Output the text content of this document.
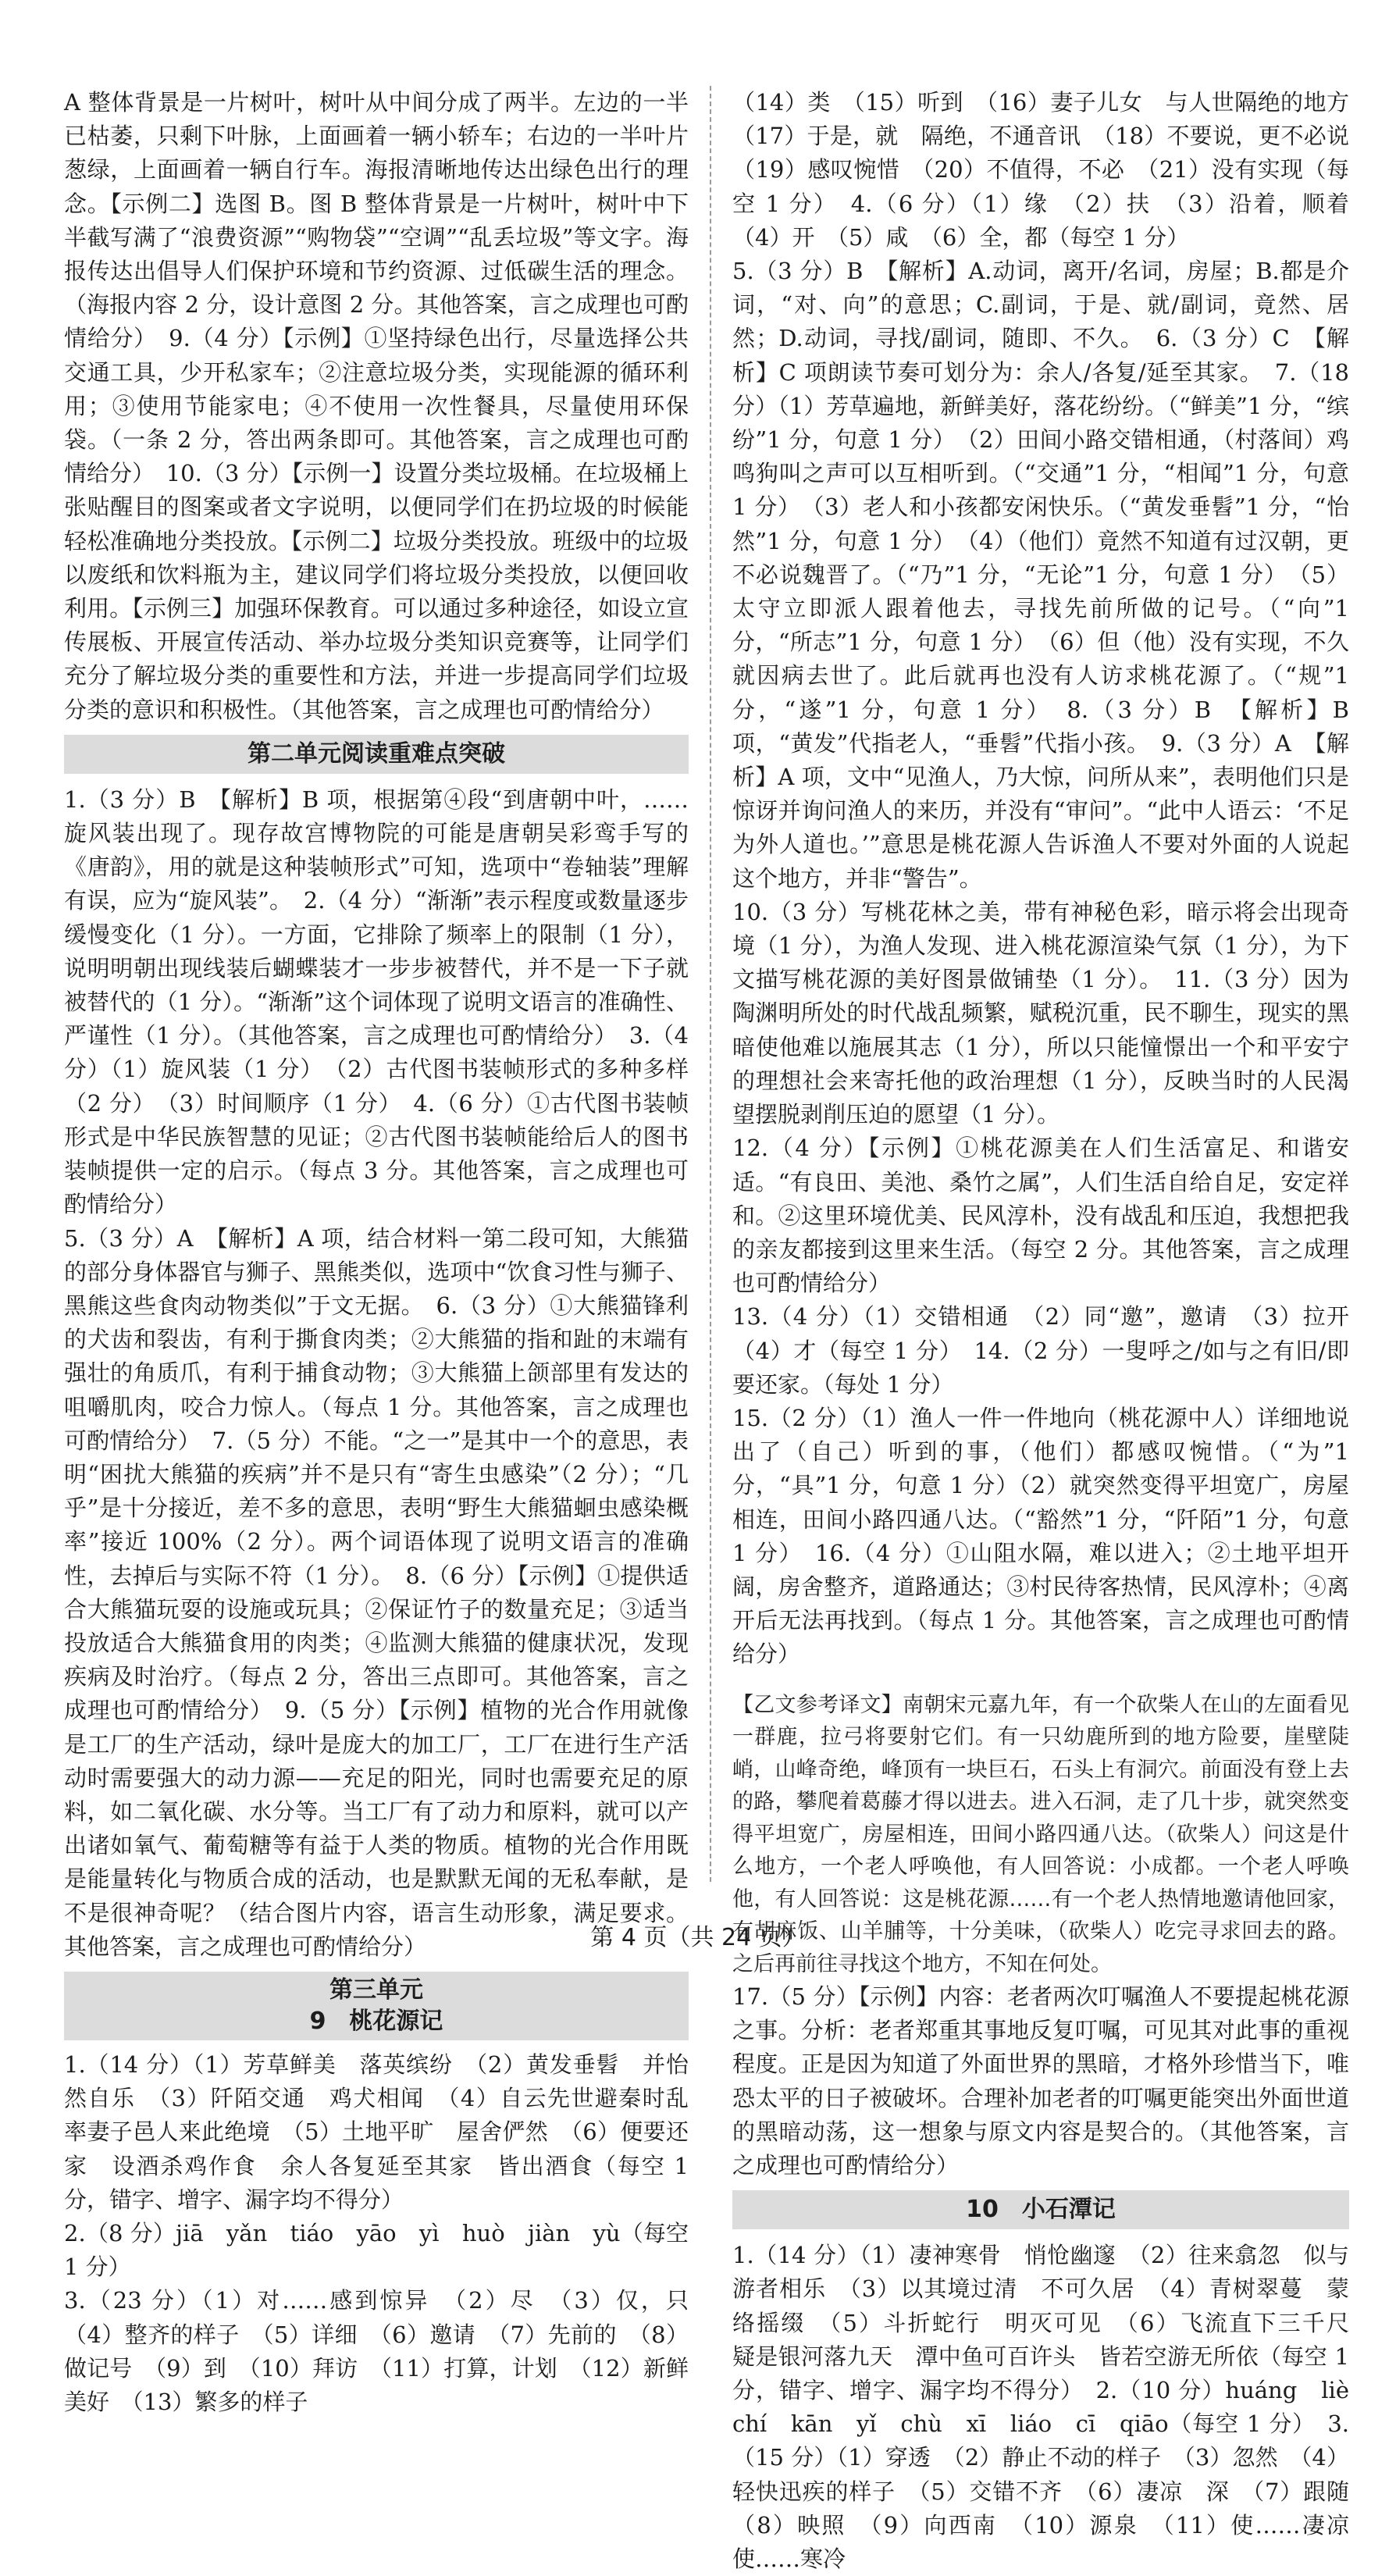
A 整体背景是一片树叶，树叶从中间分成了两半。左边的一半已枯萎，只剩下叶脉，上面画着一辆小轿车；右边的一半叶片葱绿，上面画着一辆自行车。海报清晰地传达出绿色出行的理念。【示例二】选图 B。图 B 整体背景是一片树叶，树叶中下半截写满了“浪费资源”“购物袋”“空调”“乱丢垃圾”等文字。海报传达出倡导人们保护环境和节约资源、过低碳生活的理念。（海报内容 2 分，设计意图 2 分。其他答案，言之成理也可酌情给分）　9.（4 分）【示例】①坚持绿色出行，尽量选择公共交通工具，少开私家车；②注意垃圾分类，实现能源的循环利用；③使用节能家电；④不使用一次性餐具，尽量使用环保袋。（一条 2 分，答出两条即可。其他答案，言之成理也可酌情给分）　10.（3 分）【示例一】设置分类垃圾桶。在垃圾桶上张贴醒目的图案或者文字说明，以便同学们在扔垃圾的时候能轻松准确地分类投放。【示例二】垃圾分类投放。班级中的垃圾以废纸和饮料瓶为主，建议同学们将垃圾分类投放，以便回收利用。【示例三】加强环保教育。可以通过多种途径，如设立宣传展板、开展宣传活动、举办垃圾分类知识竞赛等，让同学们充分了解垃圾分类的重要性和方法，并进一步提高同学们垃圾分类的意识和积极性。（其他答案，言之成理也可酌情给分）

第二单元阅读重难点突破

1.（3 分）B　【解析】B 项，根据第④段“到唐朝中叶，……旋风装出现了。现存故宫博物院的可能是唐朝吴彩鸾手写的《唐韵》，用的就是这种装帧形式”可知，选项中“卷轴装”理解有误，应为“旋风装”。　2.（4 分）“渐渐”表示程度或数量逐步缓慢变化（1 分）。一方面，它排除了频率上的限制（1 分），说明明朝出现线装后蝴蝶装才一步步被替代，并不是一下子就被替代的（1 分）。“渐渐”这个词体现了说明文语言的准确性、严谨性（1 分）。（其他答案，言之成理也可酌情给分）　3.（4 分）（1）旋风装（1 分）　（2）古代图书装帧形式的多种多样（2 分）　（3）时间顺序（1 分）　4.（6 分）①古代图书装帧形式是中华民族智慧的见证；②古代图书装帧能给后人的图书装帧提供一定的启示。（每点 3 分。其他答案，言之成理也可酌情给分）

5.（3 分）A　【解析】A 项，结合材料一第二段可知，大熊猫的部分身体器官与狮子、黑熊类似，选项中“饮食习性与狮子、黑熊这些食肉动物类似”于文无据。　6.（3 分）①大熊猫锋利的犬齿和裂齿，有利于撕食肉类；②大熊猫的指和趾的末端有强壮的角质爪，有利于捕食动物；③大熊猫上颌部里有发达的咀嚼肌肉，咬合力惊人。（每点 1 分。其他答案，言之成理也可酌情给分）　7.（5 分）不能。“之一”是其中一个的意思，表明“困扰大熊猫的疾病”并不是只有“寄生虫感染”（2 分）；“几乎”是十分接近，差不多的意思，表明“野生大熊猫蛔虫感染概率”接近 100%（2 分）。两个词语体现了说明文语言的准确性，去掉后与实际不符（1 分）。　8.（6 分）【示例】①提供适合大熊猫玩耍的设施或玩具；②保证竹子的数量充足；③适当投放适合大熊猫食用的肉类；④监测大熊猫的健康状况，发现疾病及时治疗。（每点 2 分，答出三点即可。其他答案，言之成理也可酌情给分）　9.（5 分）【示例】植物的光合作用就像是工厂的生产活动，绿叶是庞大的加工厂，工厂在进行生产活动时需要强大的动力源——充足的阳光，同时也需要充足的原料，如二氧化碳、水分等。当工厂有了动力和原料，就可以产出诸如氧气、葡萄糖等有益于人类的物质。植物的光合作用既是能量转化与物质合成的活动，也是默默无闻的无私奉献，是不是很神奇呢？（结合图片内容，语言生动形象，满足要求。其他答案，言之成理也可酌情给分）

第三单元
9　桃花源记

1.（14 分）（1）芳草鲜美　落英缤纷　（2）黄发垂髫　并怡然自乐　（3）阡陌交通　鸡犬相闻　（4）自云先世避秦时乱　率妻子邑人来此绝境　（5）土地平旷　屋舍俨然　（6）便要还家　设酒杀鸡作食　余人各复延至其家　皆出酒食（每空 1 分，错字、增字、漏字均不得分）

2.（8 分）jiā　yǎn　tiáo　yāo　yì　huò　jiàn　yù（每空 1 分）

3.（23 分）（1）对……感到惊异　（2）尽　（3）仅，只　（4）整齐的样子　（5）详细　（6）邀请　（7）先前的　（8）做记号　（9）到　（10）拜访　（11）打算，计划　（12）新鲜美好　（13）繁多的样子

（14）类　（15）听到　（16）妻子儿女　与人世隔绝的地方　（17）于是，就　隔绝，不通音讯　（18）不要说，更不必说　（19）感叹惋惜　（20）不值得，不必　（21）没有实现（每空 1 分）　4.（6 分）（1）缘　（2）扶　（3）沿着，顺着　（4）开　（5）咸　（6）全，都（每空 1 分）

5.（3 分）B　【解析】A.动词，离开/名词，房屋；B.都是介词，“对、向”的意思；C.副词，于是、就/副词，竟然、居然；D.动词，寻找/副词，随即、不久。　6.（3 分）C　【解析】C 项朗读节奏可划分为：余人/各复/延至其家。　7.（18 分）（1）芳草遍地，新鲜美好，落花纷纷。（“鲜美”1 分，“缤纷”1 分，句意 1 分）　（2）田间小路交错相通，（村落间）鸡鸣狗叫之声可以互相听到。（“交通”1 分，“相闻”1 分，句意 1 分）　（3）老人和小孩都安闲快乐。（“黄发垂髫”1 分，“怡然”1 分，句意 1 分）　（4）（他们）竟然不知道有过汉朝，更不必说魏晋了。（“乃”1 分，“无论”1 分，句意 1 分）　（5）太守立即派人跟着他去，寻找先前所做的记号。（“向”1 分，“所志”1 分，句意 1 分）　（6）但（他）没有实现，不久就因病去世了。此后就再也没有人访求桃花源了。（“规”1 分，“遂”1 分，句意 1 分）　8.（3 分）B　【解析】B 项，“黄发”代指老人，“垂髫”代指小孩。　9.（3 分）A　【解析】A 项，文中“见渔人，乃大惊，问所从来”，表明他们只是惊讶并询问渔人的来历，并没有“审问”。“此中人语云：‘不足为外人道也。’”意思是桃花源人告诉渔人不要对外面的人说起这个地方，并非“警告”。

10.（3 分）写桃花林之美，带有神秘色彩，暗示将会出现奇境（1 分），为渔人发现、进入桃花源渲染气氛（1 分），为下文描写桃花源的美好图景做铺垫（1 分）。　11.（3 分）因为陶渊明所处的时代战乱频繁，赋税沉重，民不聊生，现实的黑暗使他难以施展其志（1 分），所以只能憧憬出一个和平安宁的理想社会来寄托他的政治理想（1 分），反映当时的人民渴望摆脱剥削压迫的愿望（1 分）。

12.（4 分）【示例】①桃花源美在人们生活富足、和谐安适。“有良田、美池、桑竹之属”，人们生活自给自足，安定祥和。②这里环境优美、民风淳朴，没有战乱和压迫，我想把我的亲友都接到这里来生活。（每空 2 分。其他答案，言之成理也可酌情给分）

13.（4 分）（1）交错相通　（2）同“邀”，邀请　（3）拉开　（4）才（每空 1 分）　14.（2 分）一叟呼之/如与之有旧/即要还家。（每处 1 分）

15.（2 分）（1）渔人一件一件地向（桃花源中人）详细地说出了（自己）听到的事，（他们）都感叹惋惜。（“为”1 分，“具”1 分，句意 1 分）（2）就突然变得平坦宽广，房屋相连，田间小路四通八达。（“豁然”1 分，“阡陌”1 分，句意 1 分）　16.（4 分）①山阻水隔，难以进入；②土地平坦开阔，房舍整齐，道路通达；③村民待客热情，民风淳朴；④离开后无法再找到。（每点 1 分。其他答案，言之成理也可酌情给分）

【乙文参考译文】南朝宋元嘉九年，有一个砍柴人在山的左面看见一群鹿，拉弓将要射它们。有一只幼鹿所到的地方险要，崖壁陡峭，山峰奇绝，峰顶有一块巨石，石头上有洞穴。前面没有登上去的路，攀爬着葛藤才得以进去。进入石洞，走了几十步，就突然变得平坦宽广，房屋相连，田间小路四通八达。（砍柴人）问这是什么地方，一个老人呼唤他，有人回答说：小成都。一个老人呼唤他，有人回答说：这是桃花源……有一个老人热情地邀请他回家，有胡麻饭、山羊脯等，十分美味，（砍柴人）吃完寻求回去的路。之后再前往寻找这个地方，不知在何处。

17.（5 分）【示例】内容：老者两次叮嘱渔人不要提起桃花源之事。分析：老者郑重其事地反复叮嘱，可见其对此事的重视程度。正是因为知道了外面世界的黑暗，才格外珍惜当下，唯恐太平的日子被破坏。合理补加老者的叮嘱更能突出外面世道的黑暗动荡，这一想象与原文内容是契合的。（其他答案，言之成理也可酌情给分）

10　小石潭记

1.（14 分）（1）凄神寒骨　悄怆幽邃　（2）往来翕忽　似与游者相乐　（3）以其境过清　不可久居　（4）青树翠蔓　蒙络摇缀　（5）斗折蛇行　明灭可见　（6）飞流直下三千尺　疑是银河落九天　潭中鱼可百许头　皆若空游无所依（每空 1 分，错字、增字、漏字均不得分）　2.（10 分）huáng　liè　chí　kān　yǐ　chù　xī　liáo　cī　qiāo（每空 1 分）　3.（15 分）（1）穿透　（2）静止不动的样子　（3）忽然　（4）轻快迅疾的样子　（5）交错不齐　（6）凄凉　深　（7）跟随　（8）映照　（9）向西南　（10）源泉　（11）使……凄凉　使……寒冷

第 4 页（共 24 页）
